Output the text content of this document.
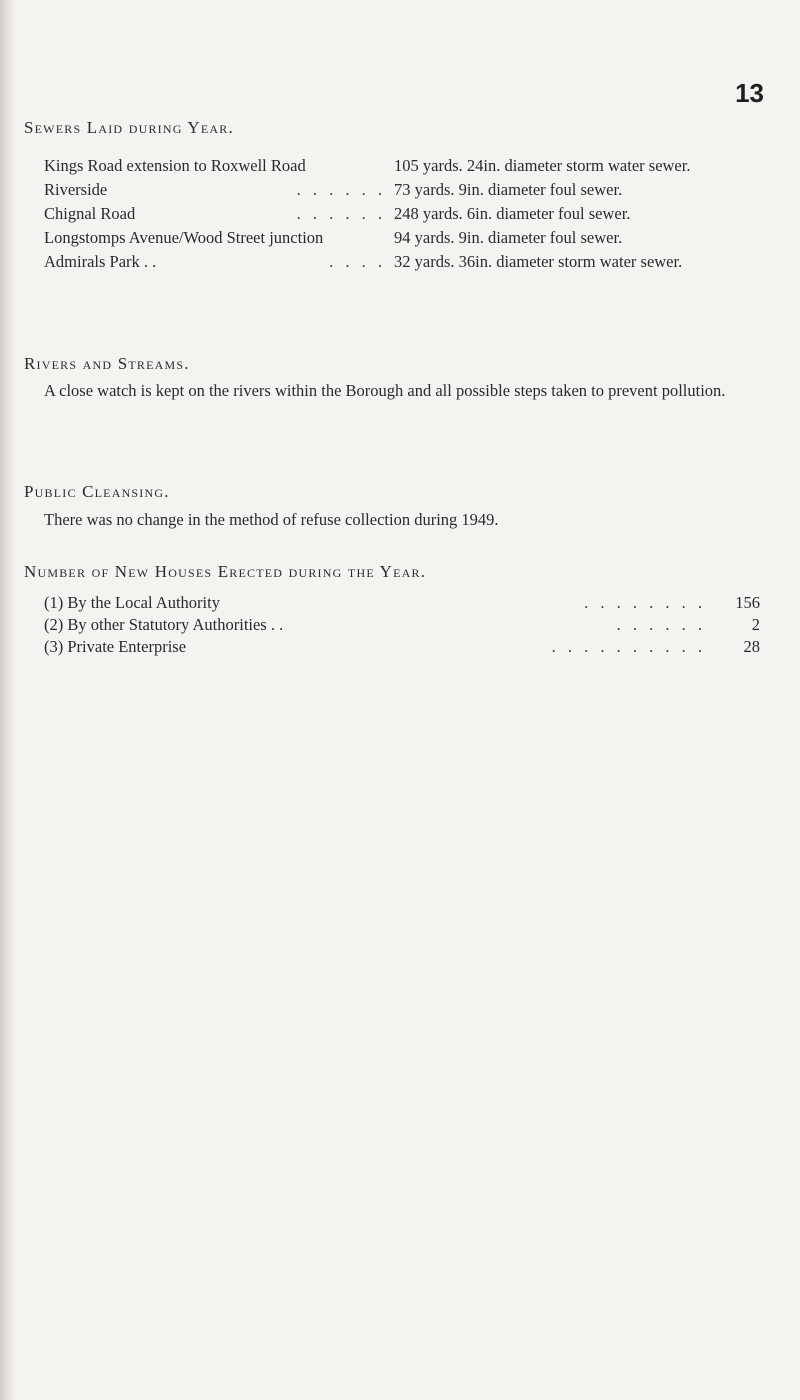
13
Sewers Laid during Year.
Kings Road extension to Roxwell Road	105 yards. 24in. diameter storm water sewer.
Riverside	. . . . . . 73 yards. 9in. diameter foul sewer.
Chignal Road	. . . . . . 248 yards. 6in. diameter foul sewer.
Longstomps Avenue/Wood Street junction	94 yards. 9in. diameter foul sewer.
Admirals Park . .	. . . . 32 yards. 36in. diameter storm water sewer.
Rivers and Streams.
A close watch is kept on the rivers within the Borough and all possible steps taken to prevent pollution.
Public Cleansing.
There was no change in the method of refuse collection during 1949.
Number of New Houses Erected during the Year.
(1) By the Local Authority	. . . . . . . .	156
(2) By other Statutory Authorities . .	. . . . . .	2
(3) Private Enterprise	. . . . . . . . . .	28
